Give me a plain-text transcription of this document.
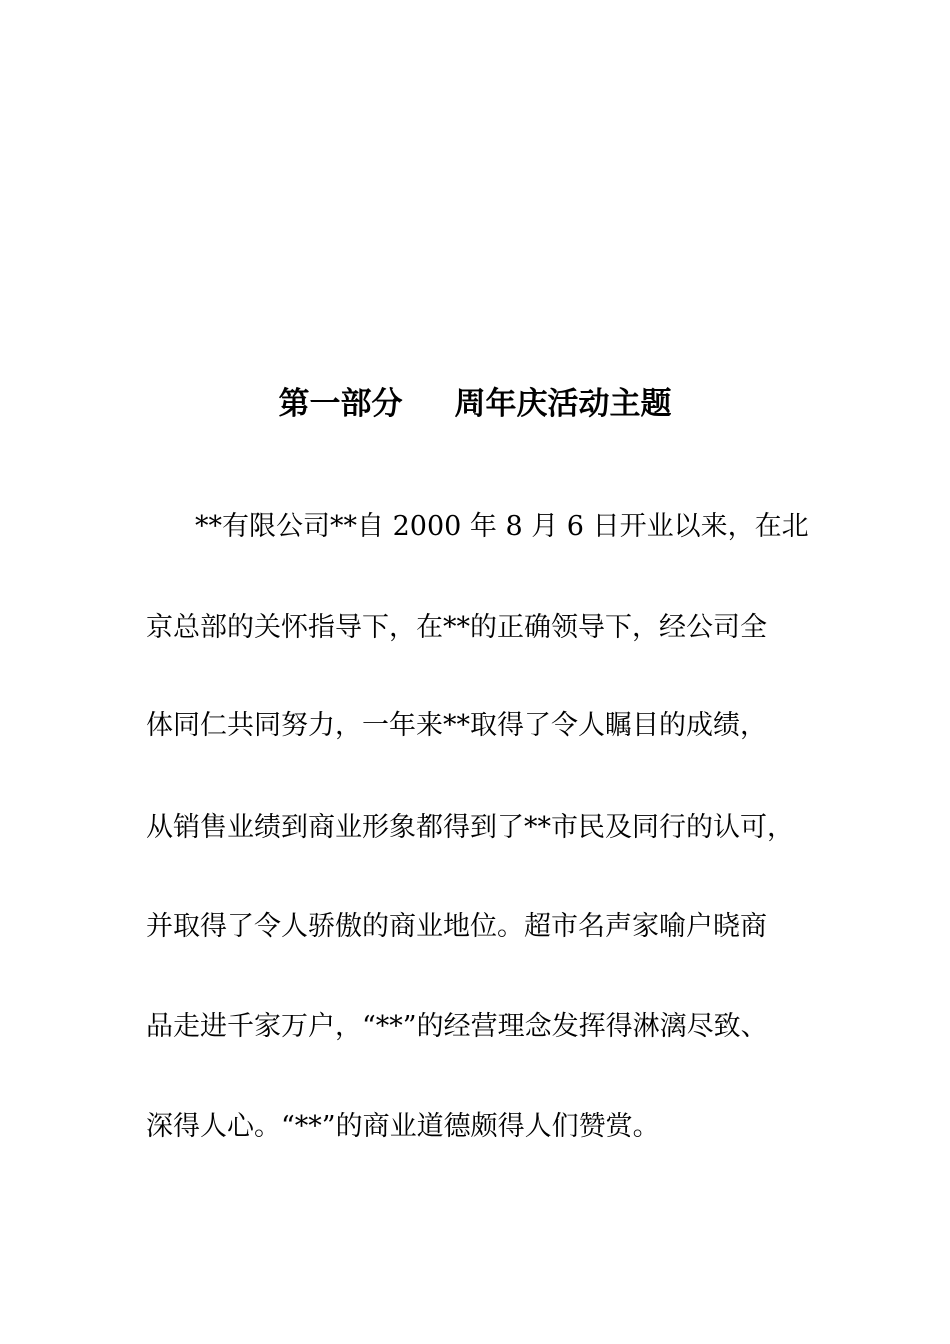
第一部分 周年庆活动主题
**有限公司**自 2000 年 8 月 6 日开业以来，在北
京总部的关怀指导下，在**的正确领导下，经公司全
体同仁共同努力，一年来**取得了令人瞩目的成绩，
从销售业绩到商业形象都得到了**市民及同行的认可，
并取得了令人骄傲的商业地位。超市名声家喻户晓商
品走进千家万户，“**”的经营理念发挥得淋漓尽致、
深得人心。“**”的商业道德颇得人们赞赏。
